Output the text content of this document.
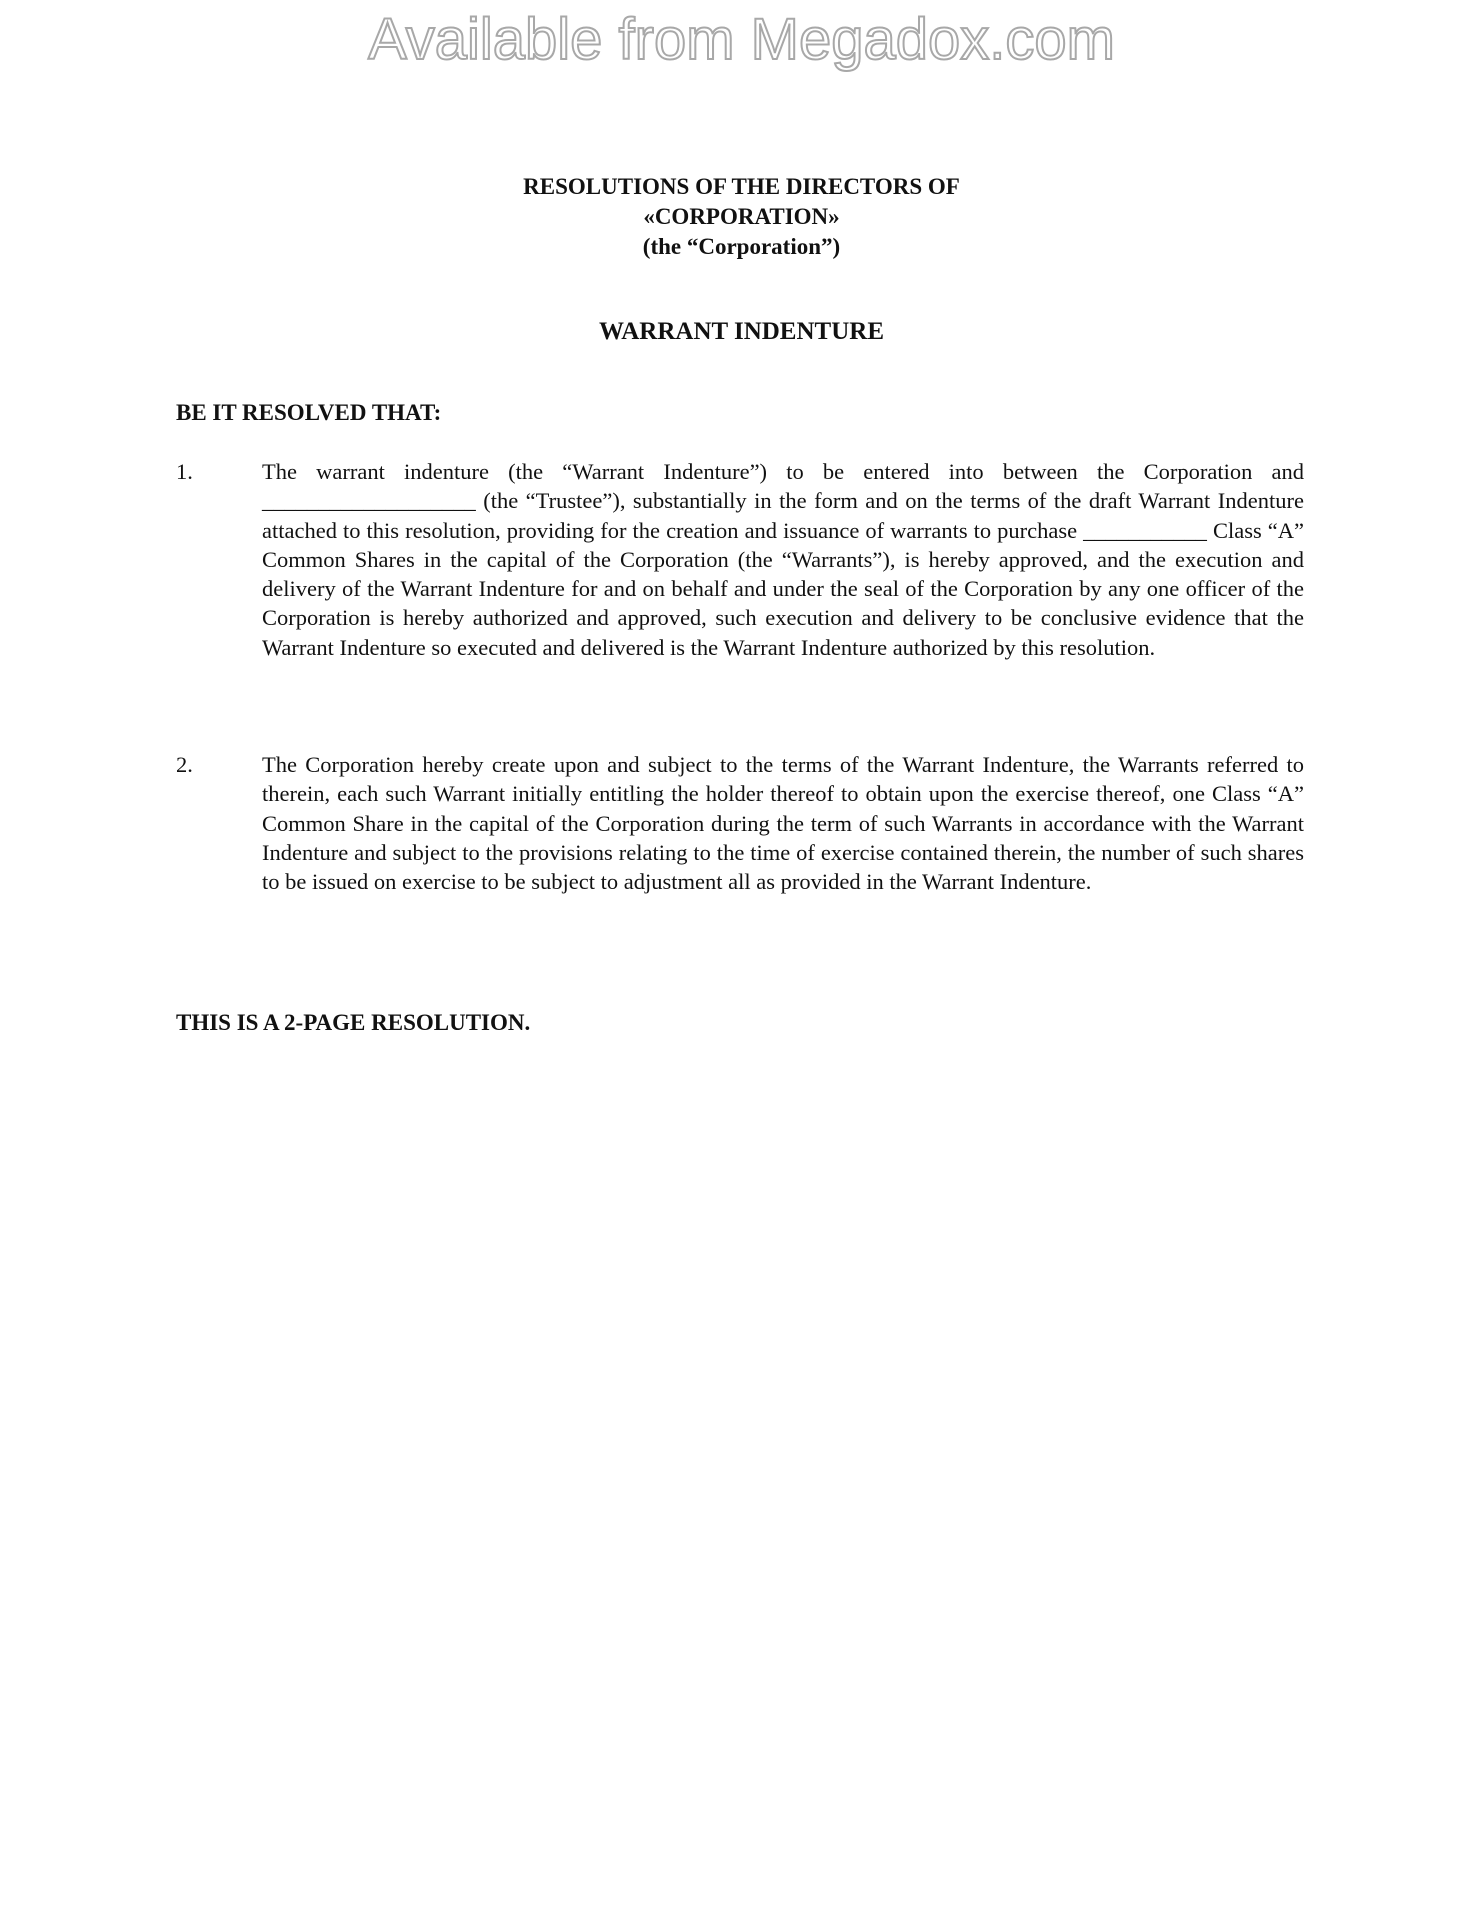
Available from Megadox.com
RESOLUTIONS OF THE DIRECTORS OF
«CORPORATION»
(the “Corporation”)
WARRANT INDENTURE
BE IT RESOLVED THAT:
1.	The warrant indenture (the “Warrant Indenture”) to be entered into between the Corporation and ___________________ (the “Trustee”), substantially in the form and on the terms of the draft Warrant Indenture attached to this resolution, providing for the creation and issuance of warrants to purchase ___________ Class “A” Common Shares in the capital of the Corporation (the “Warrants”), is hereby approved, and the execution and delivery of the Warrant Indenture for and on behalf and under the seal of the Corporation by any one officer of the Corporation is hereby authorized and approved, such execution and delivery to be conclusive evidence that the Warrant Indenture so executed and delivered is the Warrant Indenture authorized by this resolution.
2.	The Corporation hereby create upon and subject to the terms of the Warrant Indenture, the Warrants referred to therein, each such Warrant initially entitling the holder thereof to obtain upon the exercise thereof, one Class “A” Common Share in the capital of the Corporation during the term of such Warrants in accordance with the Warrant Indenture and subject to the provisions relating to the time of exercise contained therein, the number of such shares to be issued on exercise to be subject to adjustment all as provided in the Warrant Indenture.
THIS IS A 2-PAGE RESOLUTION.
